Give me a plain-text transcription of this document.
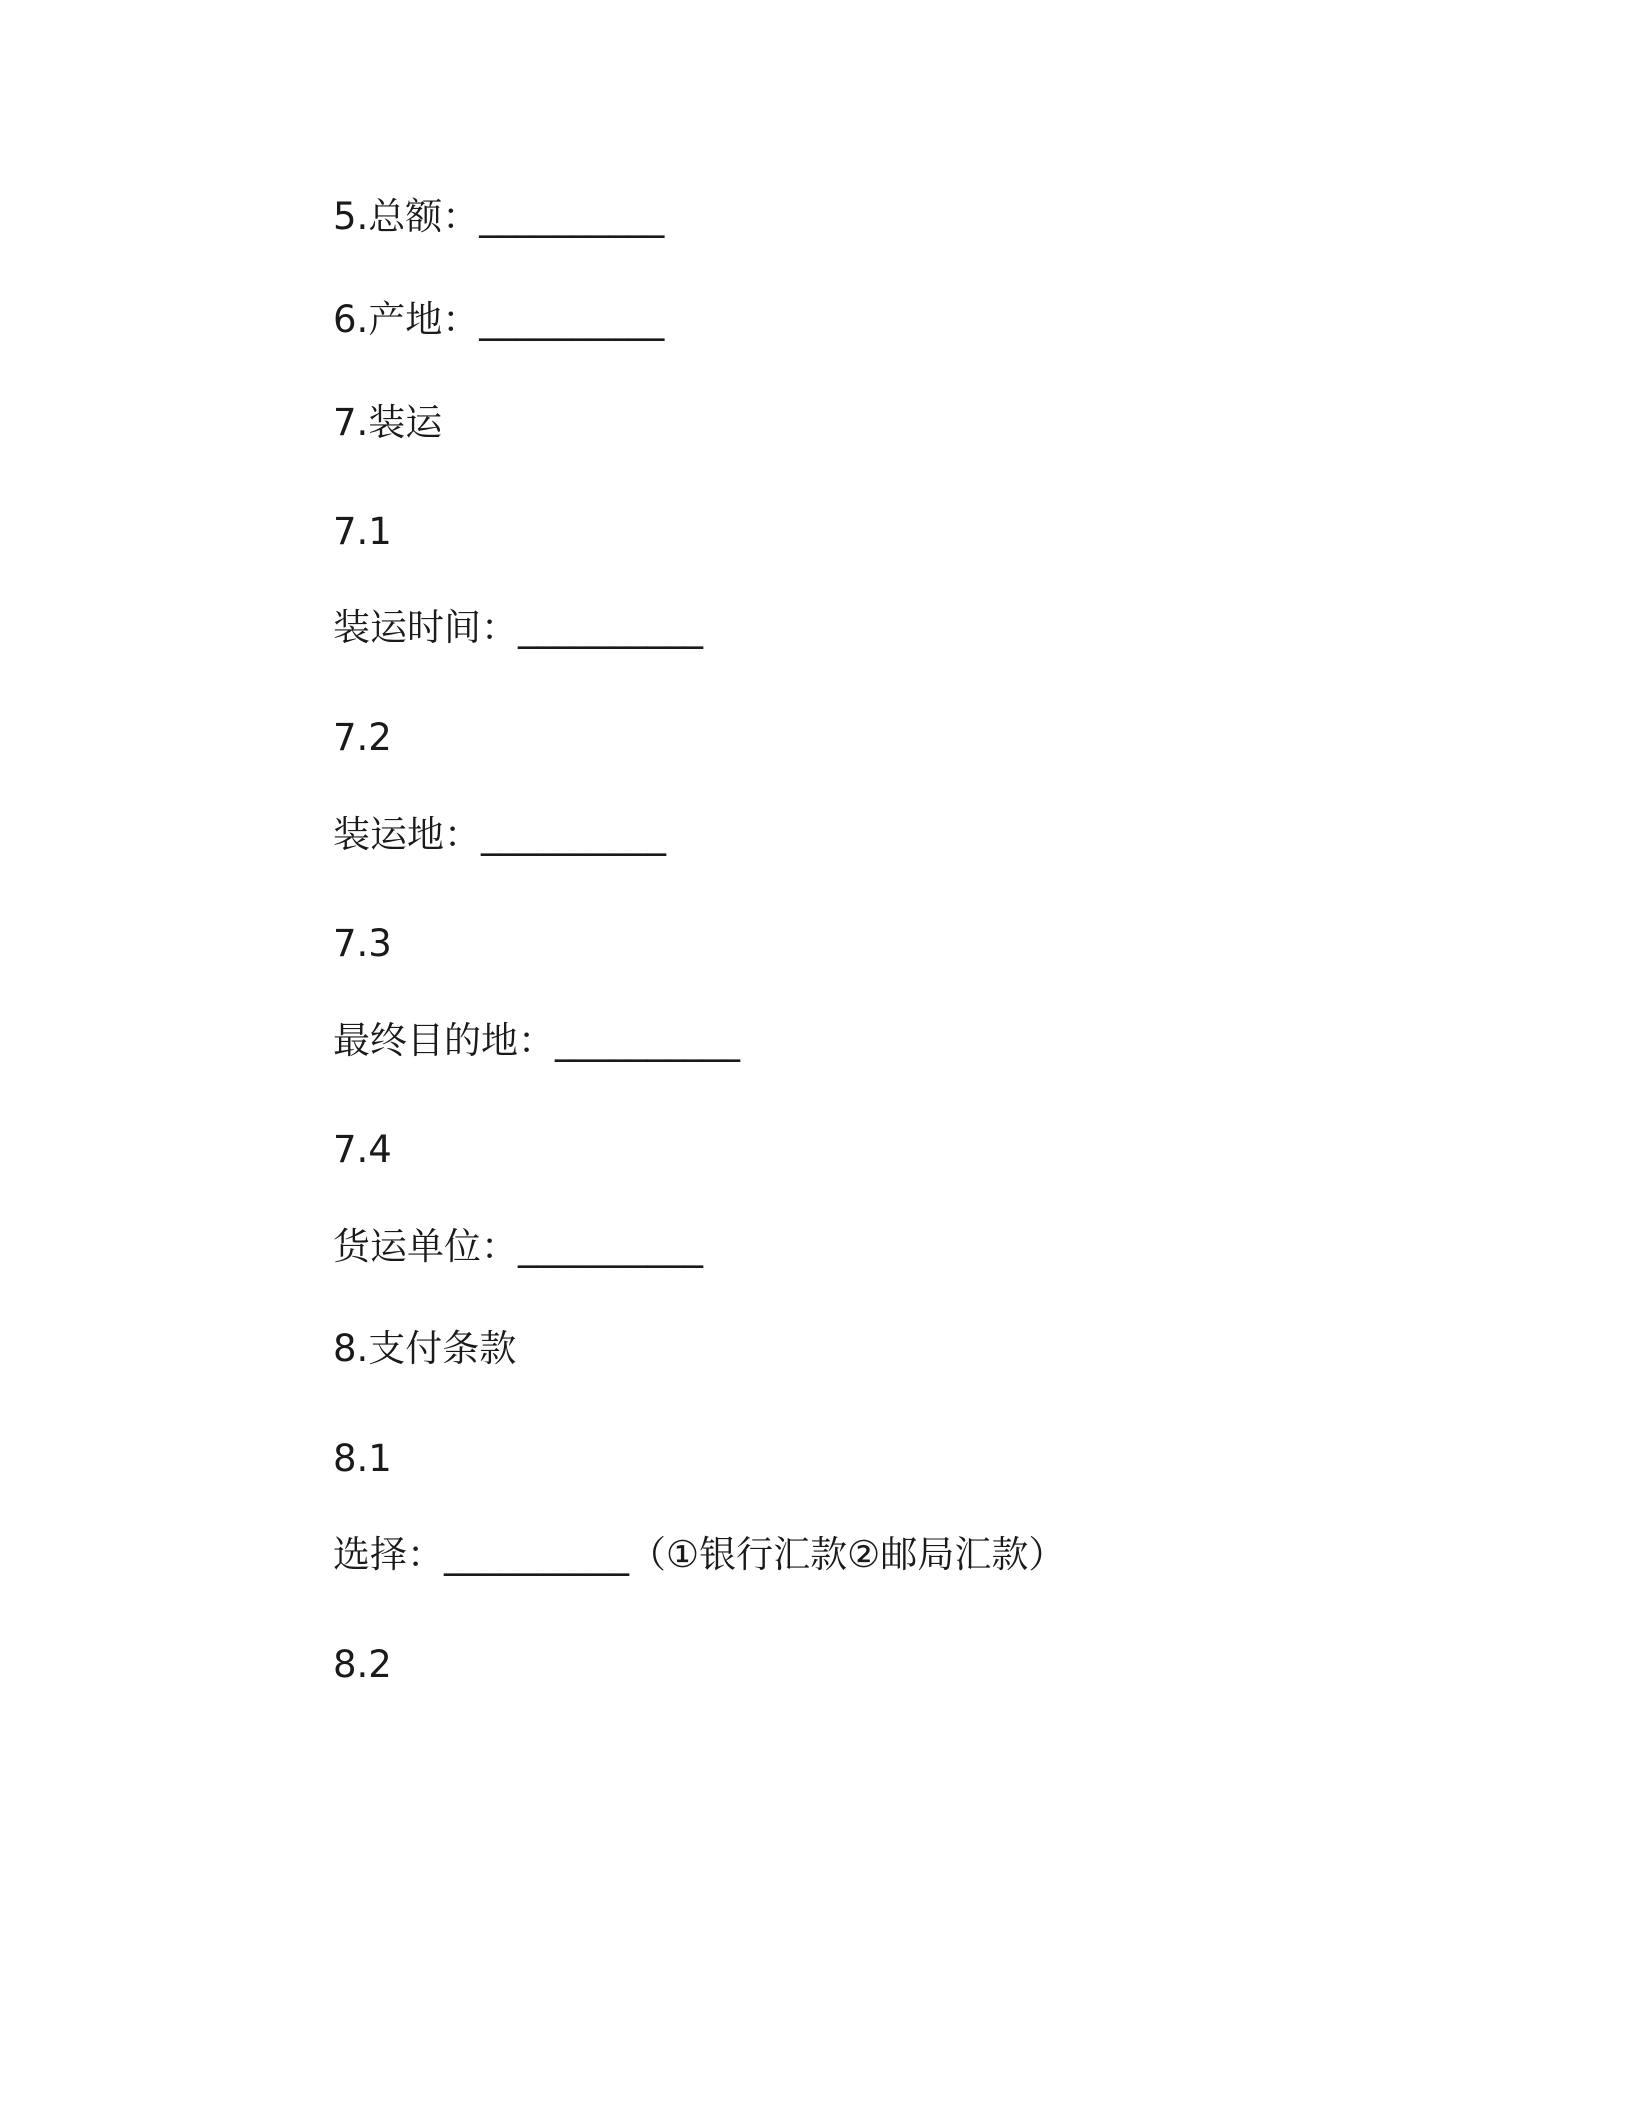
5.总额：__________
6.产地：__________
7.装运
7.1
装运时间：__________
7.2
装运地：__________
7.3
最终目的地：__________
7.4
货运单位：__________
8.支付条款
8.1
选择：__________（①银行汇款②邮局汇款）
8.2
